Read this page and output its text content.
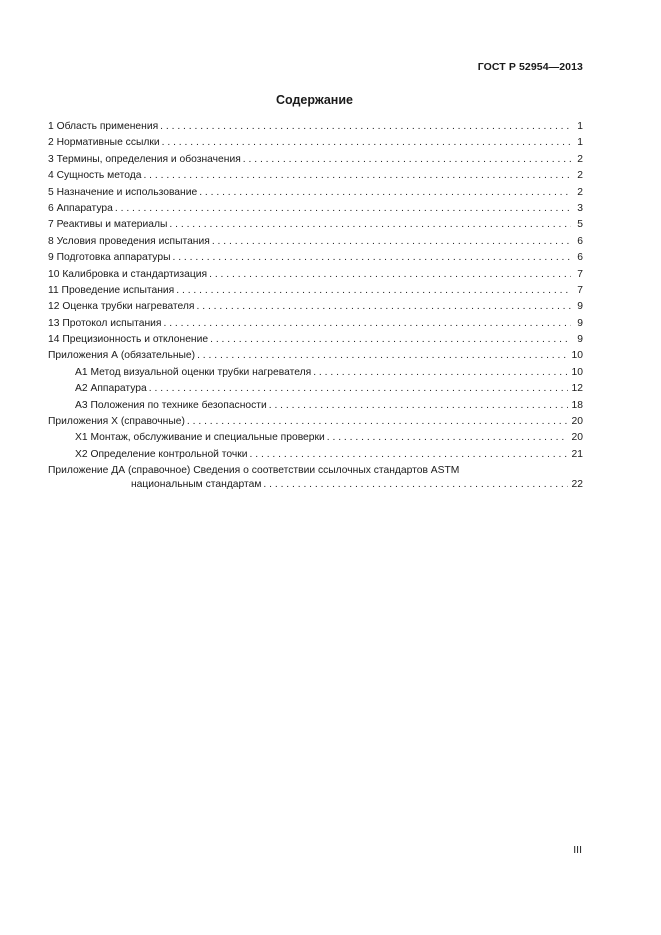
ГОСТ Р 52954—2013
Содержание
1 Область применения . . .	1
2 Нормативные ссылки . . .	1
3 Термины, определения и обозначения . . .	2
4 Сущность метода . . .	2
5 Назначение и использование . . .	2
6 Аппаратура . . .	3
7 Реактивы и материалы . . .	5
8 Условия проведения испытания . . .	6
9 Подготовка аппаратуры . . .	6
10 Калибровка и стандартизация . . .	7
11 Проведение испытания . . .	7
12 Оценка трубки нагревателя . . .	9
13 Протокол испытания . . .	9
14 Прецизионность и отклонение . . .	9
Приложения А (обязательные) . . .	10
А1 Метод визуальной оценки трубки нагревателя . . .	10
А2 Аппаратура . . .	12
А3 Положения по технике безопасности . . .	18
Приложения Х (справочные) . . .	20
Х1 Монтаж, обслуживание и специальные проверки . . .	20
Х2 Определение контрольной точки . . .	21
Приложение ДА (справочное) Сведения о соответствии ссылочных стандартов ASTM
национальным стандартам . . .	22
III
